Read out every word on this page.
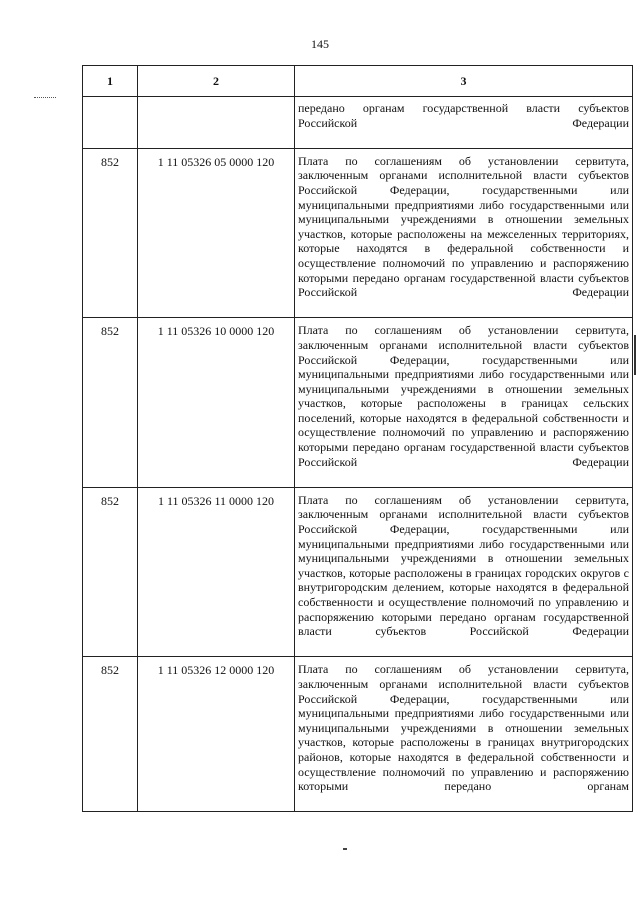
145
1	2	3

		передано органам государственной власти субъектов Российской Федерации

852	1 11 05326 05 0000 120	Плата по соглашениям об установлении сервитута, заключенным органами исполнительной власти субъектов Российской Федерации, государственными или муниципальными предприятиями либо государственными или муниципальными учреждениями в отношении земельных участков, которые расположены на межселенных территориях, которые находятся в федеральной собственности и осуществление полномочий по управлению и распоряжению которыми передано органам государственной власти субъектов Российской Федерации

852	1 11 05326 10 0000 120	Плата по соглашениям об установлении сервитута, заключенным органами исполнительной власти субъектов Российской Федерации, государственными или муниципальными предприятиями либо государственными или муниципальными учреждениями в отношении земельных участков, которые расположены в границах сельских поселений, которые находятся в федеральной собственности и осуществление полномочий по управлению и распоряжению которыми передано органам государственной власти субъектов Российской Федерации

852	1 11 05326 11 0000 120	Плата по соглашениям об установлении сервитута, заключенным органами исполнительной власти субъектов Российской Федерации, государственными или муниципальными предприятиями либо государственными или муниципальными учреждениями в отношении земельных участков, которые расположены в границах городских округов с внутригородским делением, которые находятся в федеральной собственности и осуществление полномочий по управлению и распоряжению которыми передано органам государственной власти субъектов Российской Федерации

852	1 11 05326 12 0000 120	Плата по соглашениям об установлении сервитута, заключенным органами исполнительной власти субъектов Российской Федерации, государственными или муниципальными предприятиями либо государственными или муниципальными учреждениями в отношении земельных участков, которые расположены в границах внутригородских районов, которые находятся в федеральной собственности и осуществление полномочий по управлению и распоряжению которыми передано органам
